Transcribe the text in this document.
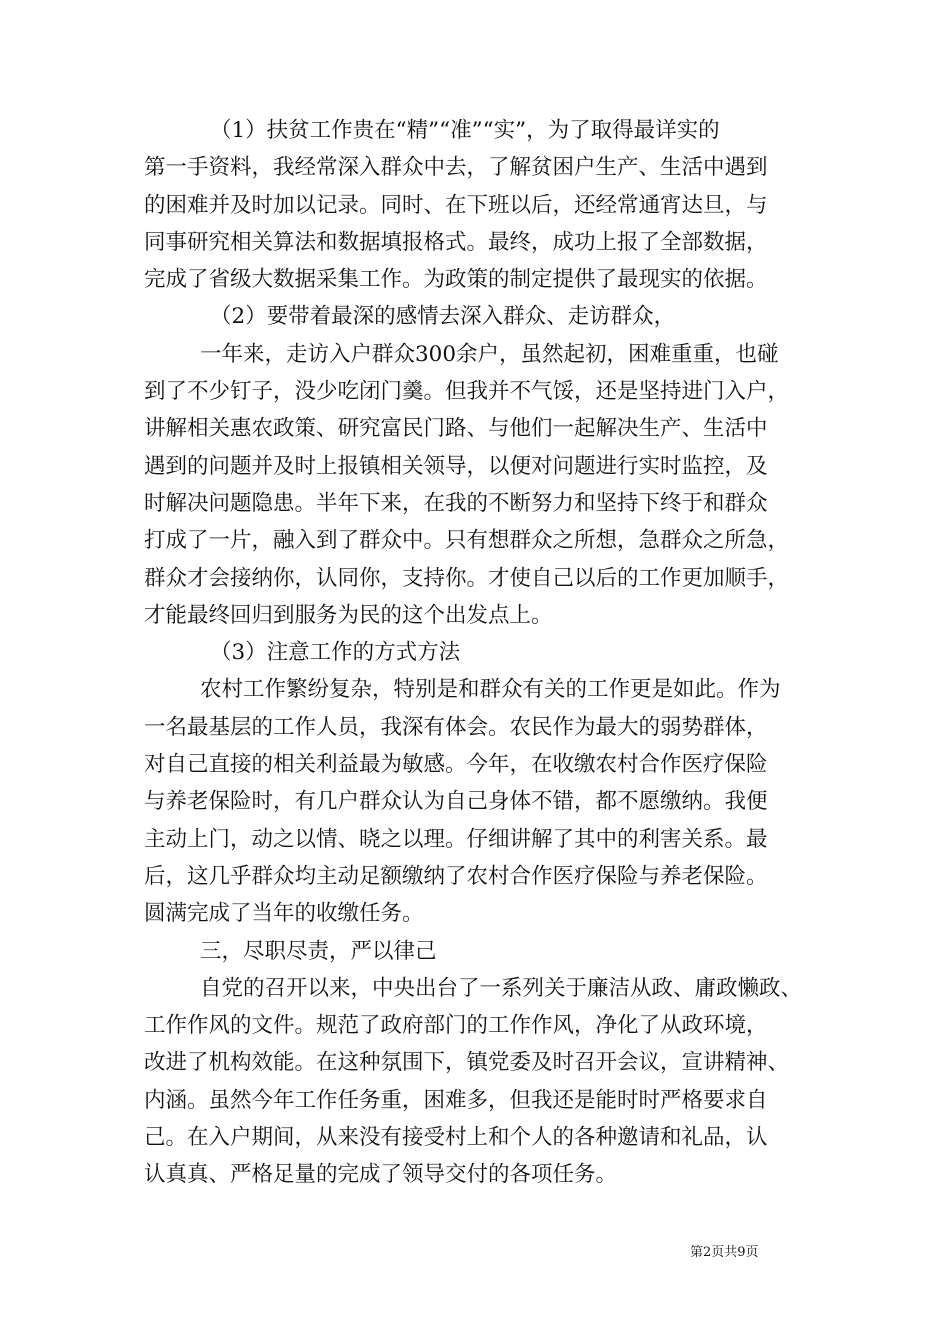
（1）扶贫工作贵在“精”“准”“实”，为了取得最详实的
第一手资料，我经常深入群众中去，了解贫困户生产、生活中遇到
的困难并及时加以记录。同时、在下班以后，还经常通宵达旦，与
同事研究相关算法和数据填报格式。最终，成功上报了全部数据，
完成了省级大数据采集工作。为政策的制定提供了最现实的依据。
（2）要带着最深的感情去深入群众、走访群众，
一年来，走访入户群众300余户，虽然起初，困难重重，也碰
到了不少钉子，没少吃闭门羹。但我并不气馁，还是坚持进门入户，
讲解相关惠农政策、研究富民门路、与他们一起解决生产、生活中
遇到的问题并及时上报镇相关领导，以便对问题进行实时监控，及
时解决问题隐患。半年下来，在我的不断努力和坚持下终于和群众
打成了一片，融入到了群众中。只有想群众之所想，急群众之所急，
群众才会接纳你，认同你，支持你。才使自己以后的工作更加顺手，
才能最终回归到服务为民的这个出发点上。
（3）注意工作的方式方法
农村工作繁纷复杂，特别是和群众有关的工作更是如此。作为
一名最基层的工作人员，我深有体会。农民作为最大的弱势群体，
对自己直接的相关利益最为敏感。今年，在收缴农村合作医疗保险
与养老保险时，有几户群众认为自己身体不错，都不愿缴纳。我便
主动上门，动之以情、晓之以理。仔细讲解了其中的利害关系。最
后，这几乎群众均主动足额缴纳了农村合作医疗保险与养老保险。
圆满完成了当年的收缴任务。
三，尽职尽责，严以律己
自党的召开以来，中央出台了一系列关于廉洁从政、庸政懒政、
工作作风的文件。规范了政府部门的工作作风，净化了从政环境，
改进了机构效能。在这种氛围下，镇党委及时召开会议，宣讲精神、
内涵。虽然今年工作任务重，困难多，但我还是能时时严格要求自
己。在入户期间，从来没有接受村上和个人的各种邀请和礼品，认
认真真、严格足量的完成了领导交付的各项任务。
第2页共9页
